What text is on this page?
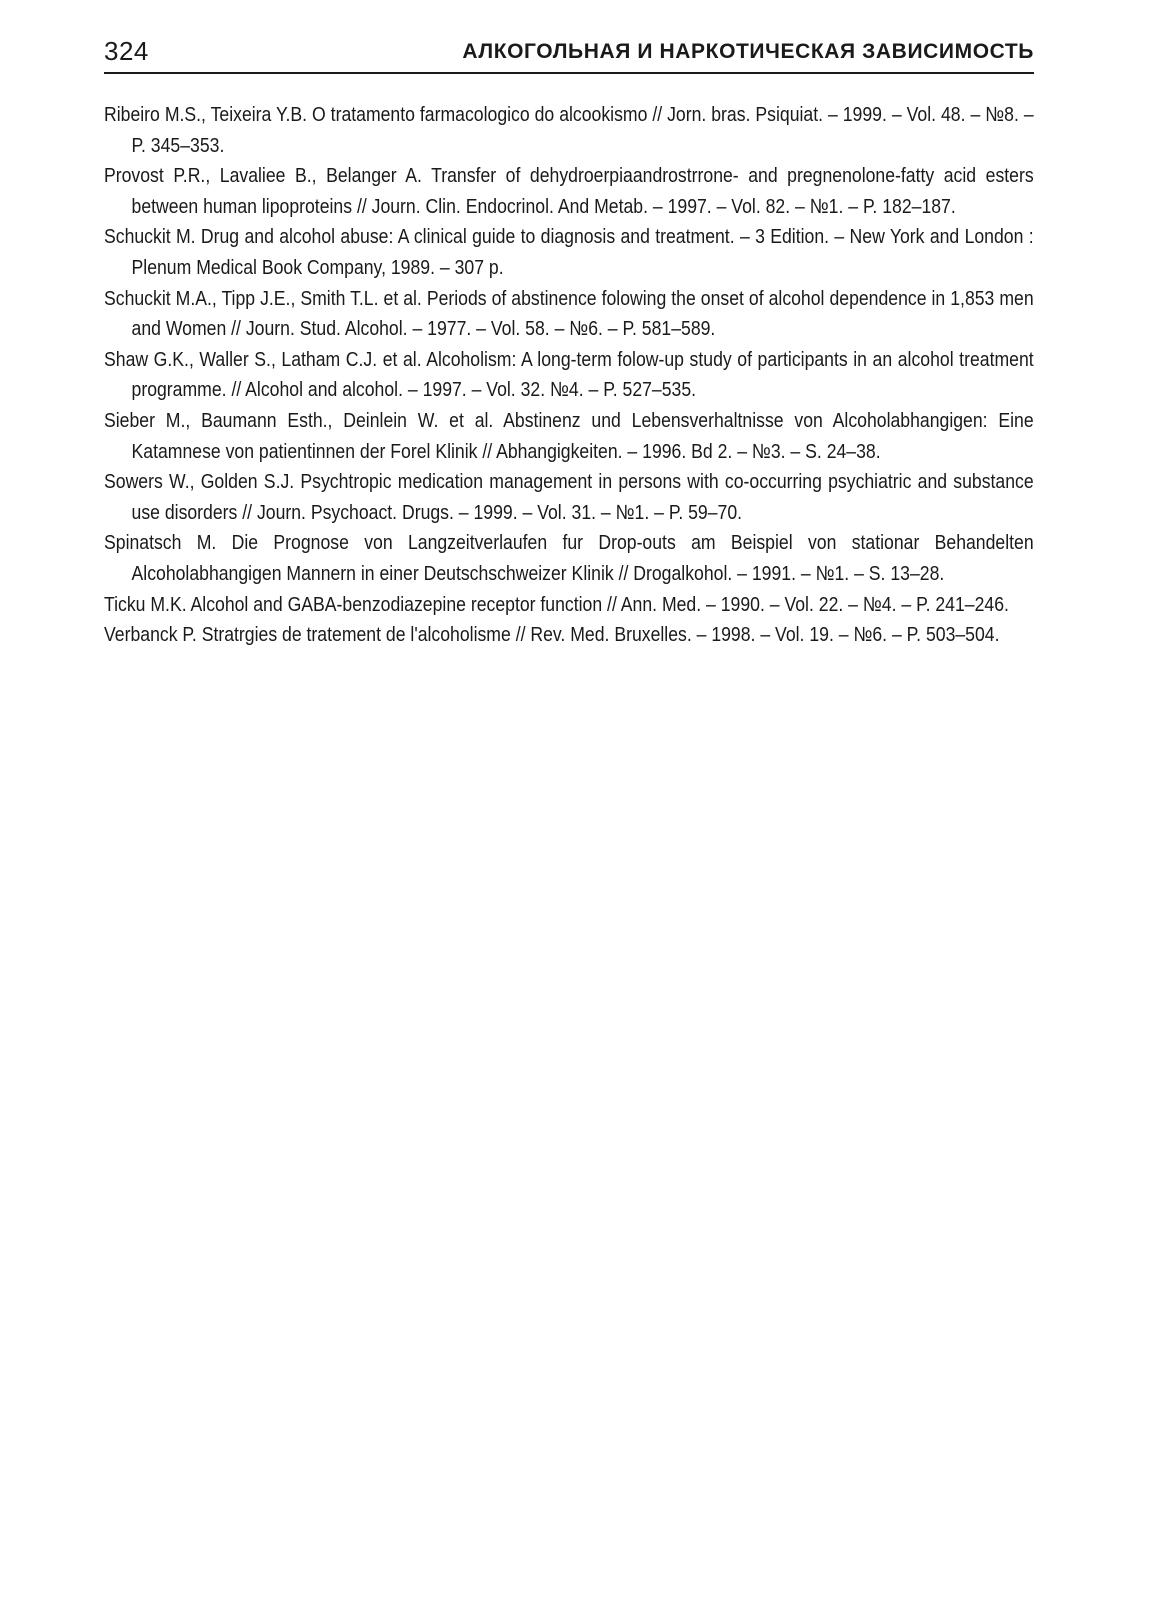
324	АЛКОГОЛЬНАЯ И НАРКОТИЧЕСКАЯ ЗАВИСИМОСТЬ
Ribeiro M.S., Teixeira Y.B. O tratamento farmacologico do alcookismo // Jorn. bras. Psiquiat. – 1999. – Vol. 48. – №8. – P. 345–353.
Provost P.R., Lavaliee B., Belanger A. Transfer of dehydroerpiaandrostrrone- and pregnenolone-fatty acid esters between human lipoproteins // Journ. Clin. Endocrinol. And Metab. – 1997. – Vol. 82. – №1. – P. 182–187.
Schuckit M. Drug and alcohol abuse: A clinical guide to diagnosis and treatment. – 3 Edition. – New York and London : Plenum Medical Book Company, 1989. – 307 p.
Schuckit M.A., Tipp J.E., Smith T.L. et al. Periods of abstinence folowing the onset of alcohol dependence in 1,853 men and Women // Journ. Stud. Alcohol. – 1977. – Vol. 58. – №6. – P. 581–589.
Shaw G.K., Waller S., Latham C.J. et al. Alcoholism: A long-term folow-up study of participants in an alcohol treatment programme. // Alcohol and alcohol. – 1997. – Vol. 32. №4. – P. 527–535.
Sieber M., Baumann Esth., Deinlein W. et al. Abstinenz und Lebensverhaltnisse von Alcoholabhangigen: Eine Katamnese von patientinnen der Forel Klinik // Abhangigkeiten. – 1996. Bd 2. – №3. – S. 24–38.
Sowers W., Golden S.J. Psychtropic medication management in persons with co-occurring psychiatric and substance use disorders // Journ. Psychoact. Drugs. – 1999. – Vol. 31. – №1. – P. 59–70.
Spinatsch M. Die Prognose von Langzeitverlaufen fur Drop-outs am Beispiel von stationar Behandelten Alcoholabhangigen Mannern in einer Deutschschweizer Klinik // Drogalkohol. – 1991. – №1. – S. 13–28.
Ticku M.K. Alcohol and GABA-benzodiazepine receptor function // Ann. Med. – 1990. – Vol. 22. – №4. – P. 241–246.
Verbanck P. Stratrgies de tratement de l'alcoholisme // Rev. Med. Bruxelles. – 1998. – Vol. 19. – №6. – P. 503–504.
